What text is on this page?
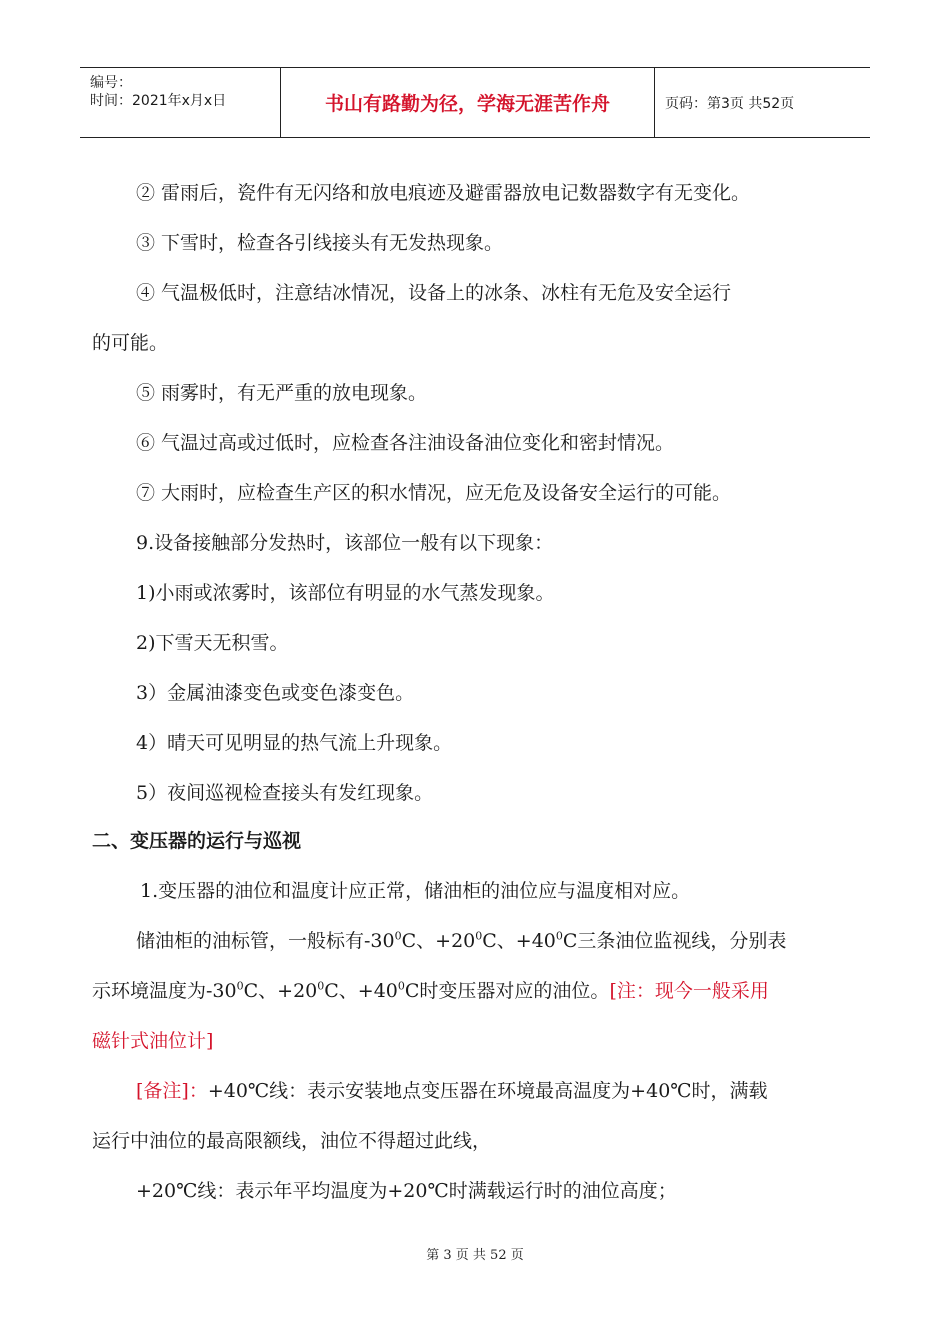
编号：
时间：2021年x月x日	书山有路勤为径，学海无涯苦作舟	页码：第3页 共52页
② 雷雨后，瓷件有无闪络和放电痕迹及避雷器放电记数器数字有无变化。
③ 下雪时，检查各引线接头有无发热现象。
④ 气温极低时，注意结冰情况，设备上的冰条、冰柱有无危及安全运行
的可能。
⑤ 雨雾时，有无严重的放电现象。
⑥ 气温过高或过低时，应检查各注油设备油位变化和密封情况。
⑦ 大雨时，应检查生产区的积水情况，应无危及设备安全运行的可能。
9.设备接触部分发热时，该部位一般有以下现象：
1)小雨或浓雾时，该部位有明显的水气蒸发现象。
2)下雪天无积雪。
3）金属油漆变色或变色漆变色。
4）晴天可见明显的热气流上升现象。
5）夜间巡视检查接头有发红现象。
二、变压器的运行与巡视
1.变压器的油位和温度计应正常，储油柜的油位应与温度相对应。
储油柜的油标管，一般标有$-30^0C$、$+20^0C$、$+40^0C$三条油位监视线，分别表
示环境温度为$-30^0C$、$+20^0C$、$+40^0C$时变压器对应的油位。[注：现今一般采用
磁针式油位计]
[备注]：+40℃线：表示安装地点变压器在环境最高温度为+40℃时，满载
运行中油位的最高限额线，油位不得超过此线，
+20℃线：表示年平均温度为+20℃时满载运行时的油位高度；
第 3 页 共 52 页
